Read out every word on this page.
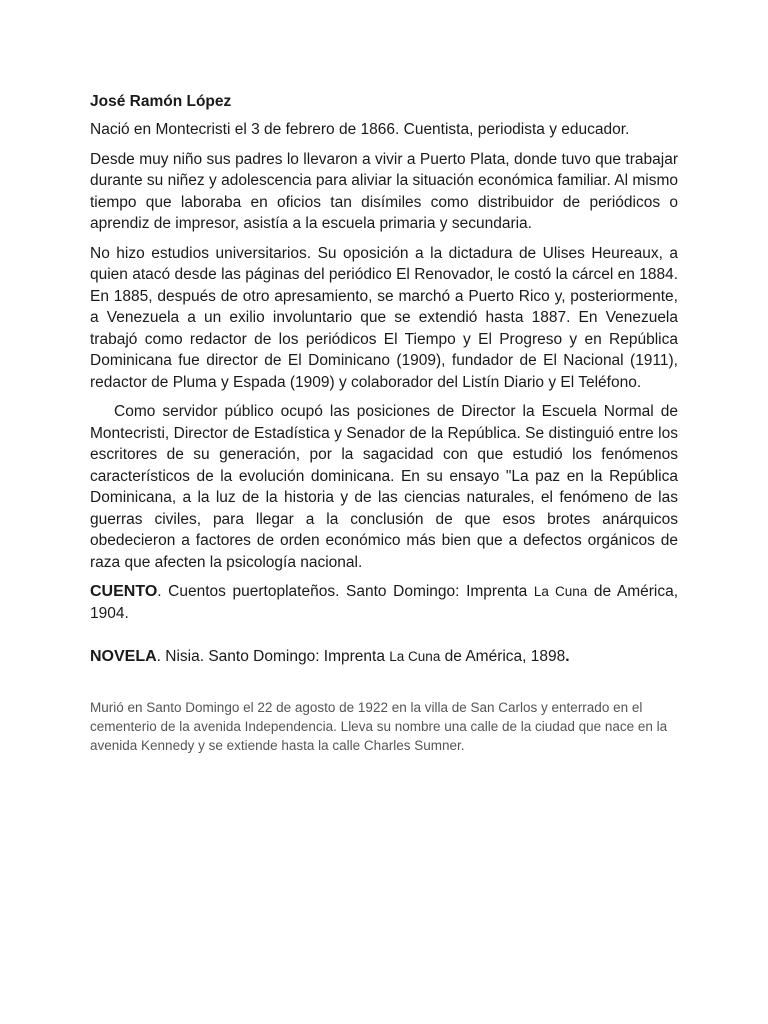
José Ramón López

Nació en Montecristi el 3 de febrero de 1866. Cuentista, periodista y educador.

Desde muy niño sus padres lo llevaron a vivir a Puerto Plata, donde tuvo que trabajar durante su niñez y adolescencia para aliviar la situación económica familiar. Al mismo tiempo que laboraba en oficios tan disímiles como distribuidor de periódicos o aprendiz de impresor, asistía a la escuela primaria y secundaria.

No hizo estudios universitarios. Su oposición a la dictadura de Ulises Heureaux, a quien atacó desde las páginas del periódico El Renovador, le costó la cárcel en 1884. En 1885, después de otro apresamiento, se marchó a Puerto Rico y, posteriormente, a Venezuela a un exilio involuntario que se extendió hasta 1887. En Venezuela trabajó como redactor de los periódicos El Tiempo y El Progreso y en República Dominicana fue director de El Dominicano (1909), fundador de El Nacional (1911), redactor de Pluma y Espada (1909) y colaborador del Listín Diario y El Teléfono.

Como servidor público ocupó las posiciones de Director la Escuela Normal de Montecristi, Director de Estadística y Senador de la República. Se distinguió entre los escritores de su generación, por la sagacidad con que estudió los fenómenos característicos de la evolución dominicana. En su ensayo "La paz en la República Dominicana, a la luz de la historia y de las ciencias naturales, el fenómeno de las guerras civiles, para llegar a la conclusión de que esos brotes anárquicos obedecieron a factores de orden económico más bien que a defectos orgánicos de raza que afecten la psicología nacional.

CUENTO. Cuentos puertoplateños. Santo Domingo: Imprenta La Cuna de América, 1904.

NOVELA. Nisia. Santo Domingo: Imprenta La Cuna de América, 1898.

Murió en Santo Domingo el 22 de agosto de 1922 en la villa de San Carlos y enterrado en el cementerio de la avenida Independencia. Lleva su nombre una calle de la ciudad que nace en la avenida Kennedy y se extiende hasta la calle Charles Sumner.
